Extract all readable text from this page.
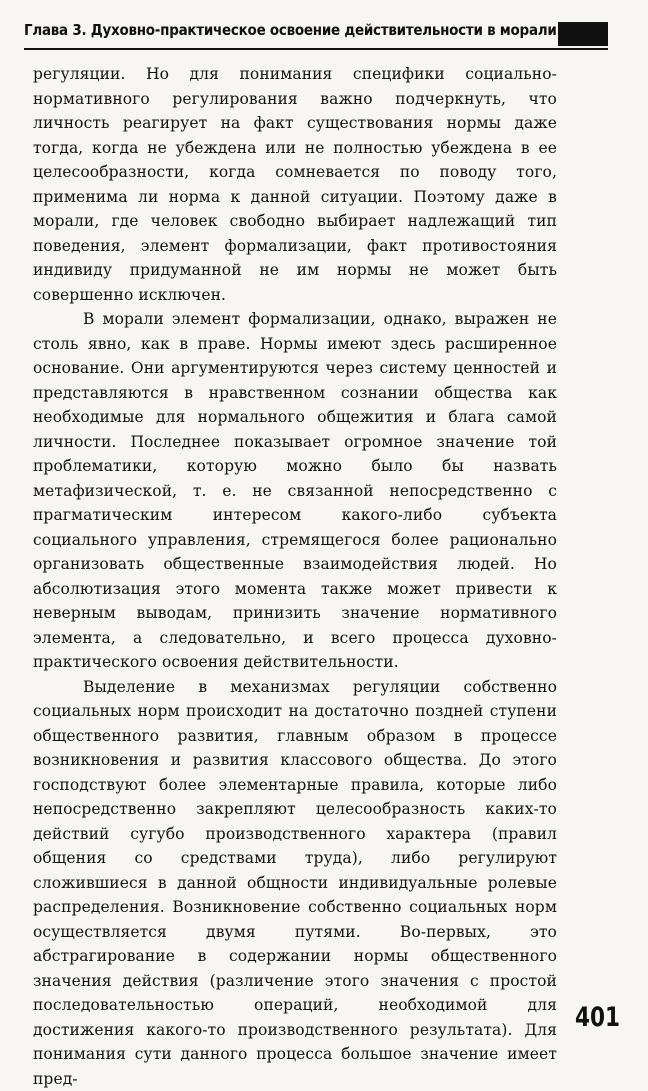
Глава 3. Духовно-практическое освоение действительности в морали

регуляции. Но для понимания специфики социально-нормативного регулирования важно подчеркнуть, что личность реагирует на факт существования нормы даже тогда, когда не убеждена или не полностью убеждена в ее целесообразности, когда сомневается по поводу того, применима ли норма к данной ситуации. Поэтому даже в морали, где человек свободно выбирает надлежащий тип поведения, элемент формализации, факт противостояния индивиду придуманной не им нормы не может быть совершенно исключен.

В морали элемент формализации, однако, выражен не столь явно, как в праве. Нормы имеют здесь расширенное основание. Они аргументируются через систему ценностей и представляются в нравственном сознании общества как необходимые для нормального общежития и блага самой личности. Последнее показывает огромное значение той проблематики, которую можно было бы назвать метафизической, т. е. не связанной непосредственно с прагматическим интересом какого-либо субъекта социального управления, стремящегося более рационально организовать общественные взаимодействия людей. Но абсолютизация этого момента также может привести к неверным выводам, принизить значение нормативного элемента, а следовательно, и всего процесса духовно-практического освоения действительности.

Выделение в механизмах регуляции собственно социальных норм происходит на достаточно поздней ступени общественного развития, главным образом в процессе возникновения и развития классового общества. До этого господствуют более элементарные правила, которые либо непосредственно закрепляют целесообразность каких-то действий сугубо производственного характера (правил общения со средствами труда), либо регулируют сложившиеся в данной общности индивидуальные ролевые распределения. Возникновение собственно социальных норм осуществляется двумя путями. Во-первых, это абстрагирование в содержании нормы общественного значения действия (различение этого значения с простой последовательностью операций, необходимой для достижения какого-то производственного результата). Для понимания сути данного процесса большое значение имеет пред-

401
